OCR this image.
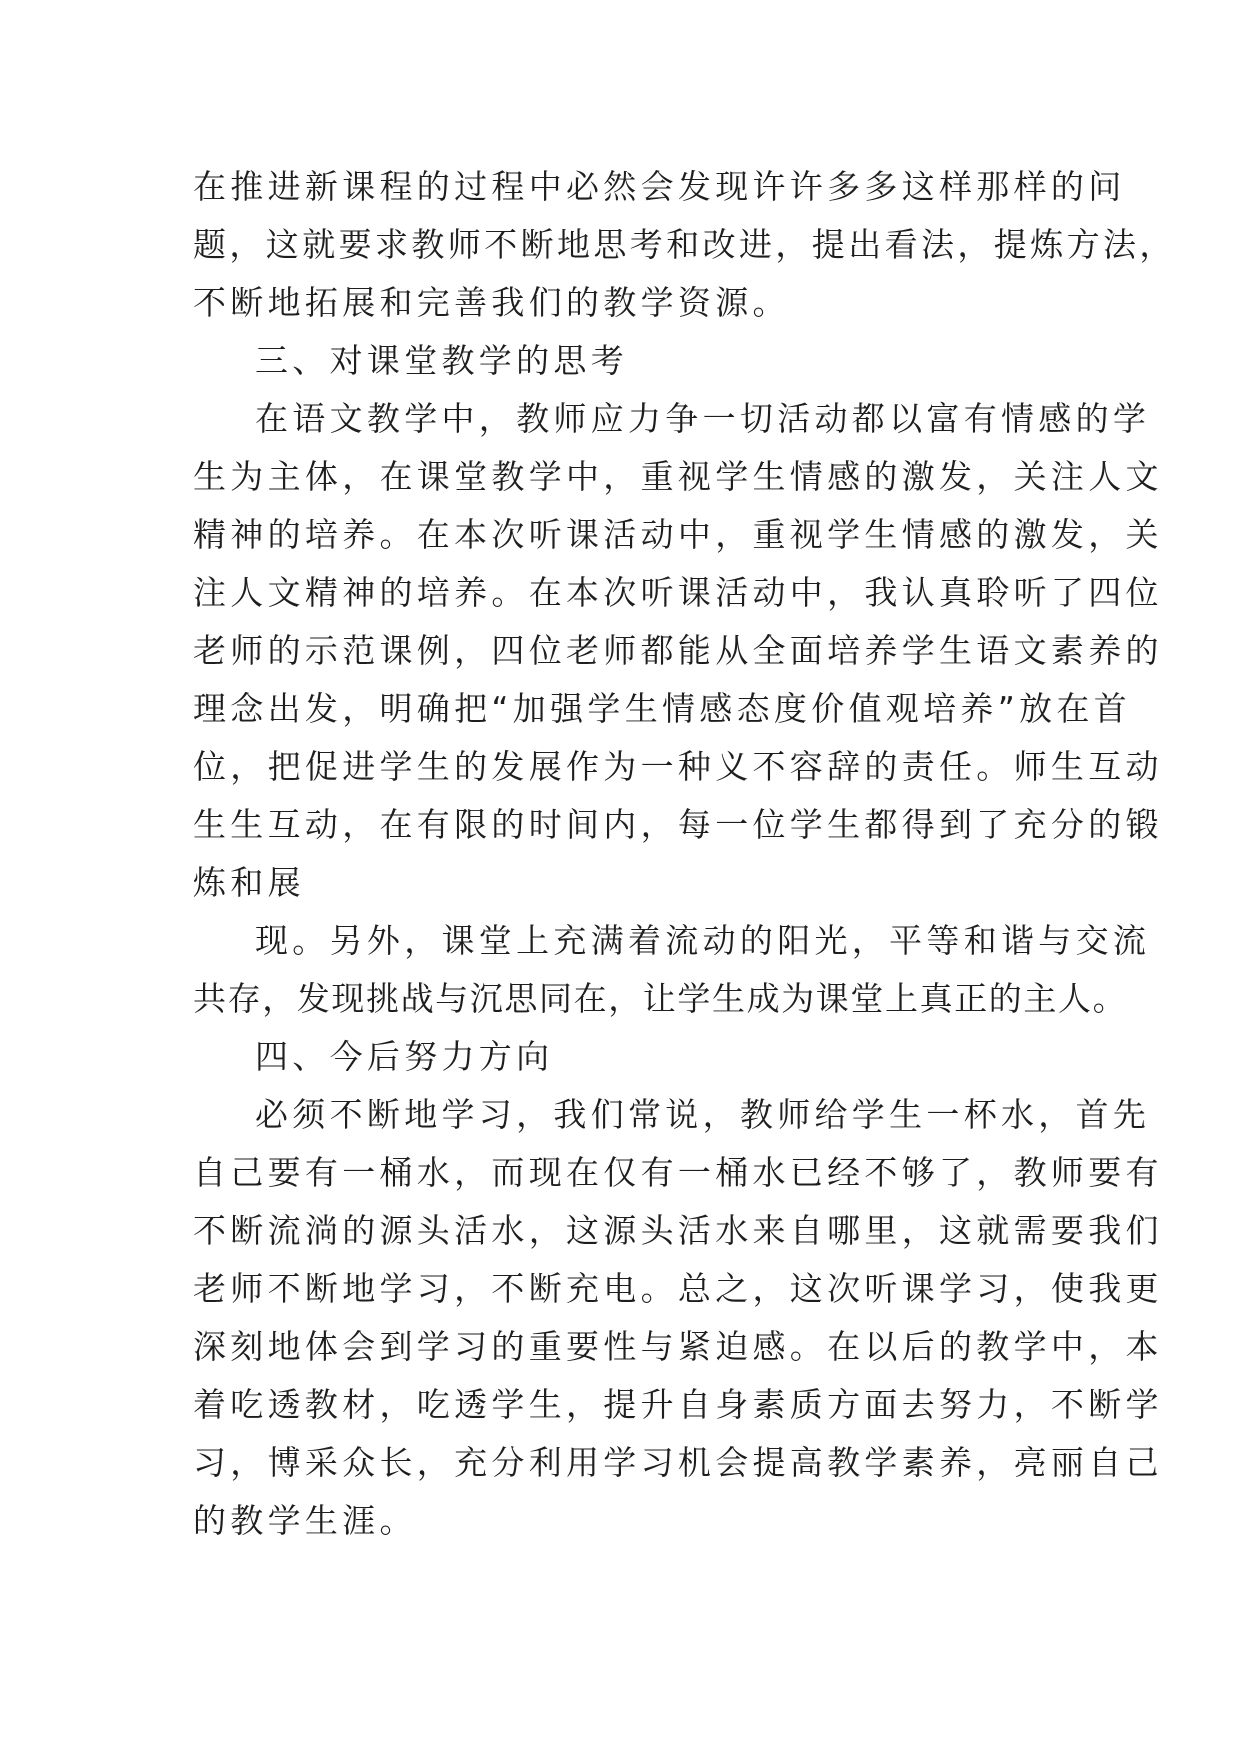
在推进新课程的过程中必然会发现许许多多这样那样的问
题，这就要求教师不断地思考和改进，提出看法，提炼方法，
不断地拓展和完善我们的教学资源。
三、对课堂教学的思考
在语文教学中，教师应力争一切活动都以富有情感的学
生为主体，在课堂教学中，重视学生情感的激发，关注人文
精神的培养。在本次听课活动中，重视学生情感的激发，关
注人文精神的培养。在本次听课活动中，我认真聆听了四位
老师的示范课例，四位老师都能从全面培养学生语文素养的
理念出发，明确把“加强学生情感态度价值观培养”放在首
位，把促进学生的发展作为一种义不容辞的责任。师生互动
生生互动，在有限的时间内，每一位学生都得到了充分的锻
炼和展
现。另外，课堂上充满着流动的阳光，平等和谐与交流
共存，发现挑战与沉思同在，让学生成为课堂上真正的主人。
四、今后努力方向
必须不断地学习，我们常说，教师给学生一杯水，首先
自己要有一桶水，而现在仅有一桶水已经不够了，教师要有
不断流淌的源头活水，这源头活水来自哪里，这就需要我们
老师不断地学习，不断充电。总之，这次听课学习，使我更
深刻地体会到学习的重要性与紧迫感。在以后的教学中，本
着吃透教材，吃透学生，提升自身素质方面去努力，不断学
习，博采众长，充分利用学习机会提高教学素养，亮丽自己
的教学生涯。
